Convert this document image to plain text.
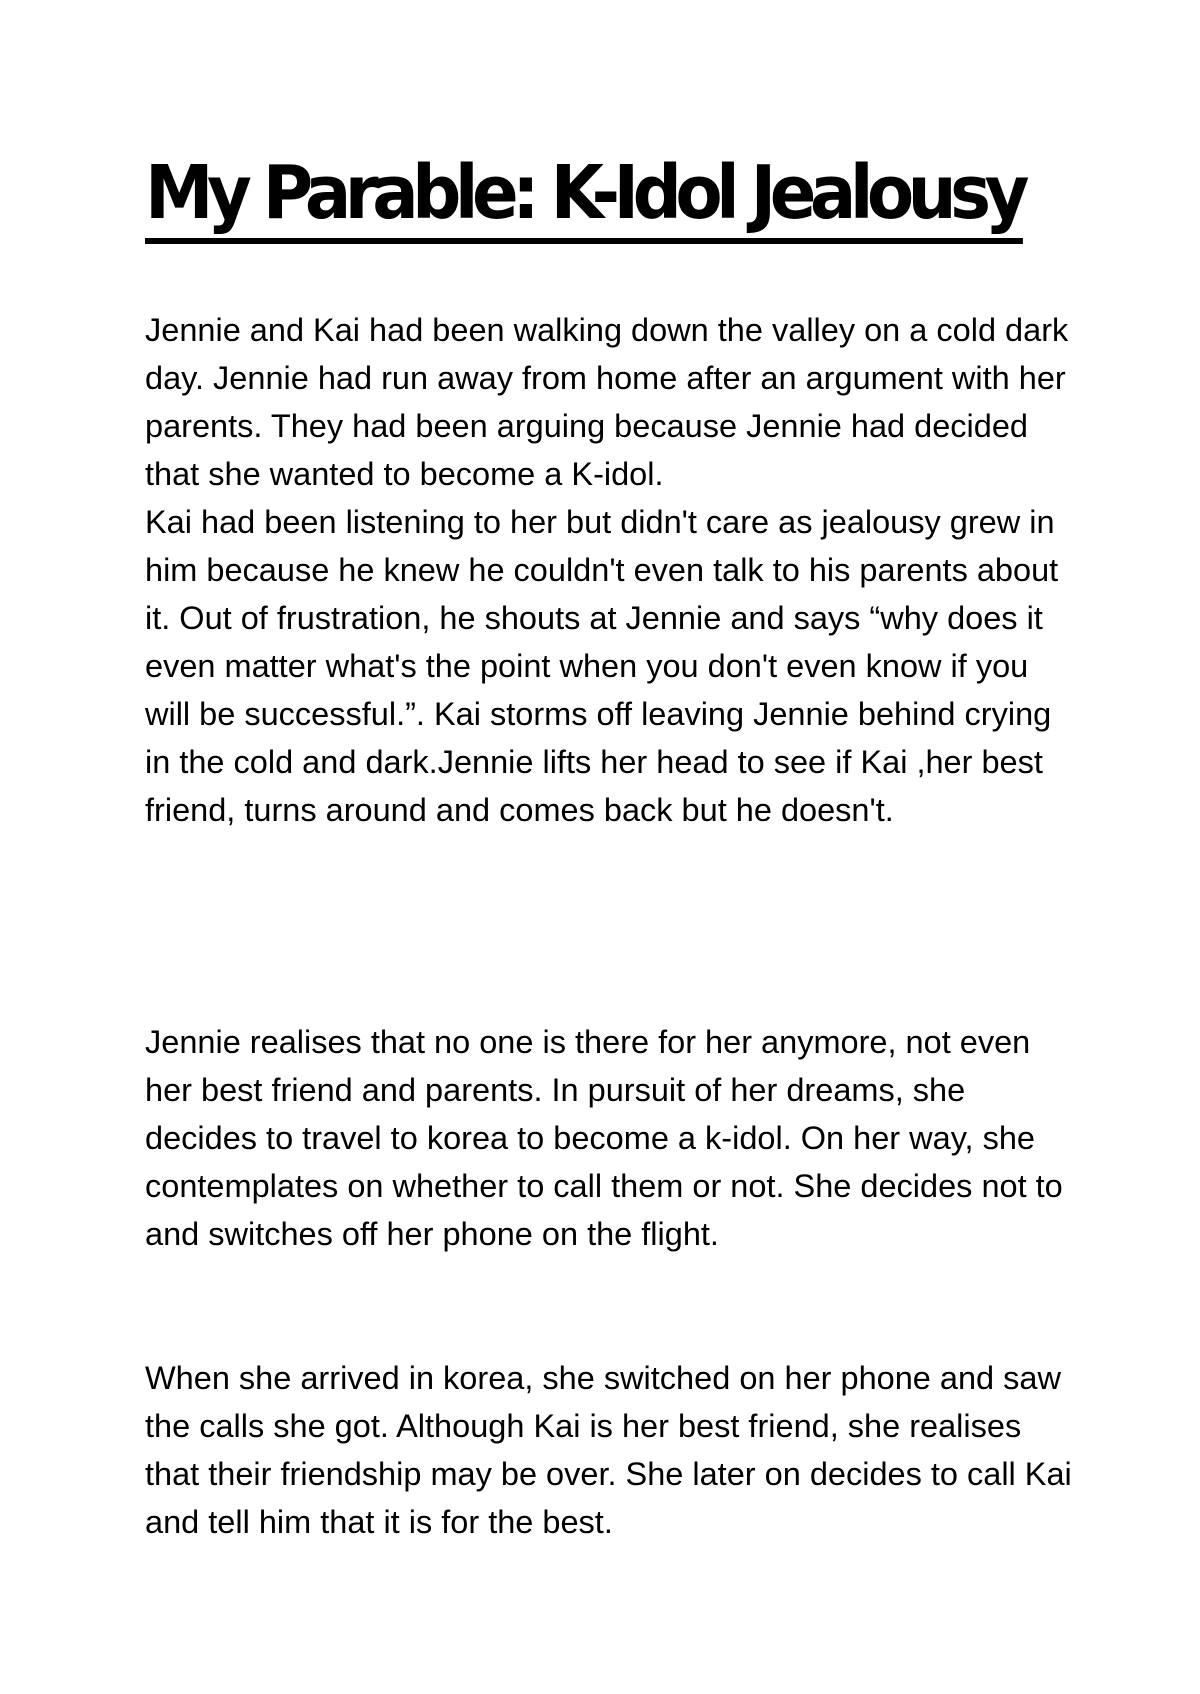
My Parable: K-Idol Jealousy

Jennie and Kai had been walking down the valley on a cold dark day. Jennie had run away from home after an argument with her parents. They had been arguing because Jennie had decided that she wanted to become a K-idol.
Kai had been listening to her but didn't care as jealousy grew in him because he knew he couldn't even talk to his parents about it. Out of frustration, he shouts at Jennie and says “why does it even matter what's the point when you don't even know if you will be successful.”. Kai storms off leaving Jennie behind crying in the cold and dark.Jennie lifts her head to see if Kai ,her best friend, turns around and comes back but he doesn't.

Jennie realises that no one is there for her anymore, not even her best friend and parents. In pursuit of her dreams, she decides to travel to korea to become a k-idol. On her way, she contemplates on whether to call them or not. She decides not to and switches off her phone on the flight.

When she arrived in korea, she switched on her phone and saw the calls she got. Although Kai is her best friend, she realises that their friendship may be over. She later on decides to call Kai and tell him that it is for the best.
